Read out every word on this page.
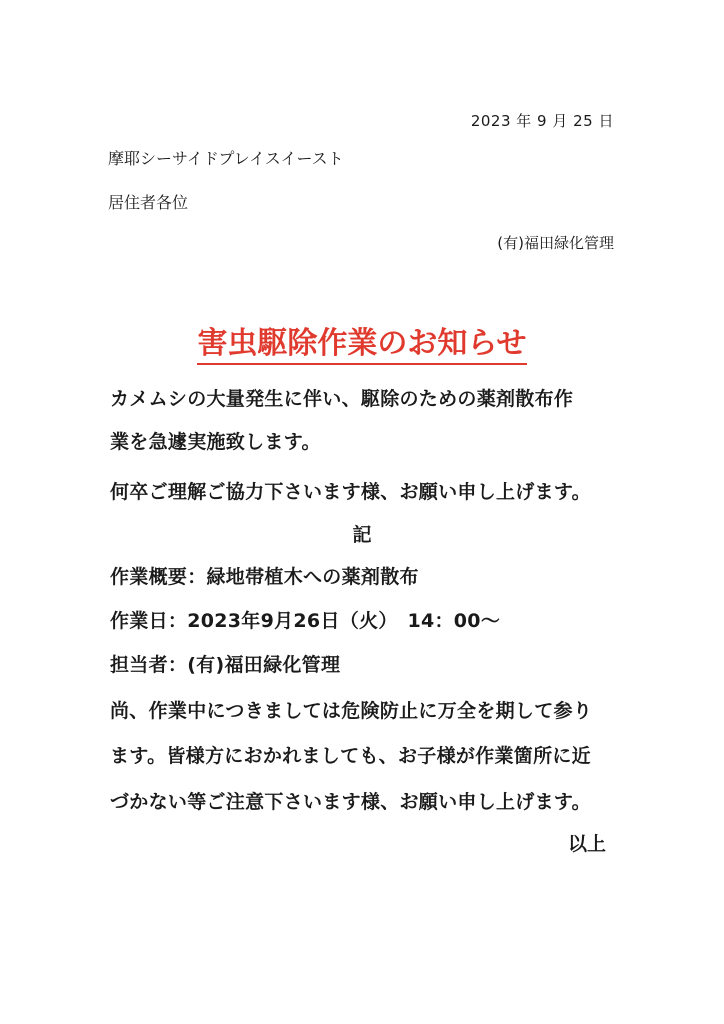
2023 年 9 月 25 日
摩耶シーサイドプレイスイースト
居住者各位
(有)福田緑化管理
害虫駆除作業のお知らせ
カメムシの大量発生に伴い、駆除のための薬剤散布作
業を急遽実施致します。
何卒ご理解ご協力下さいます様、お願い申し上げます。
記
作業概要：緑地帯植木への薬剤散布
作業日：2023年9月26日（火）　14：00～
担当者：(有)福田緑化管理
尚、作業中につきましては危険防止に万全を期して参り
ます。皆様方におかれましても、お子様が作業箇所に近
づかない等ご注意下さいます様、お願い申し上げます。
以上
